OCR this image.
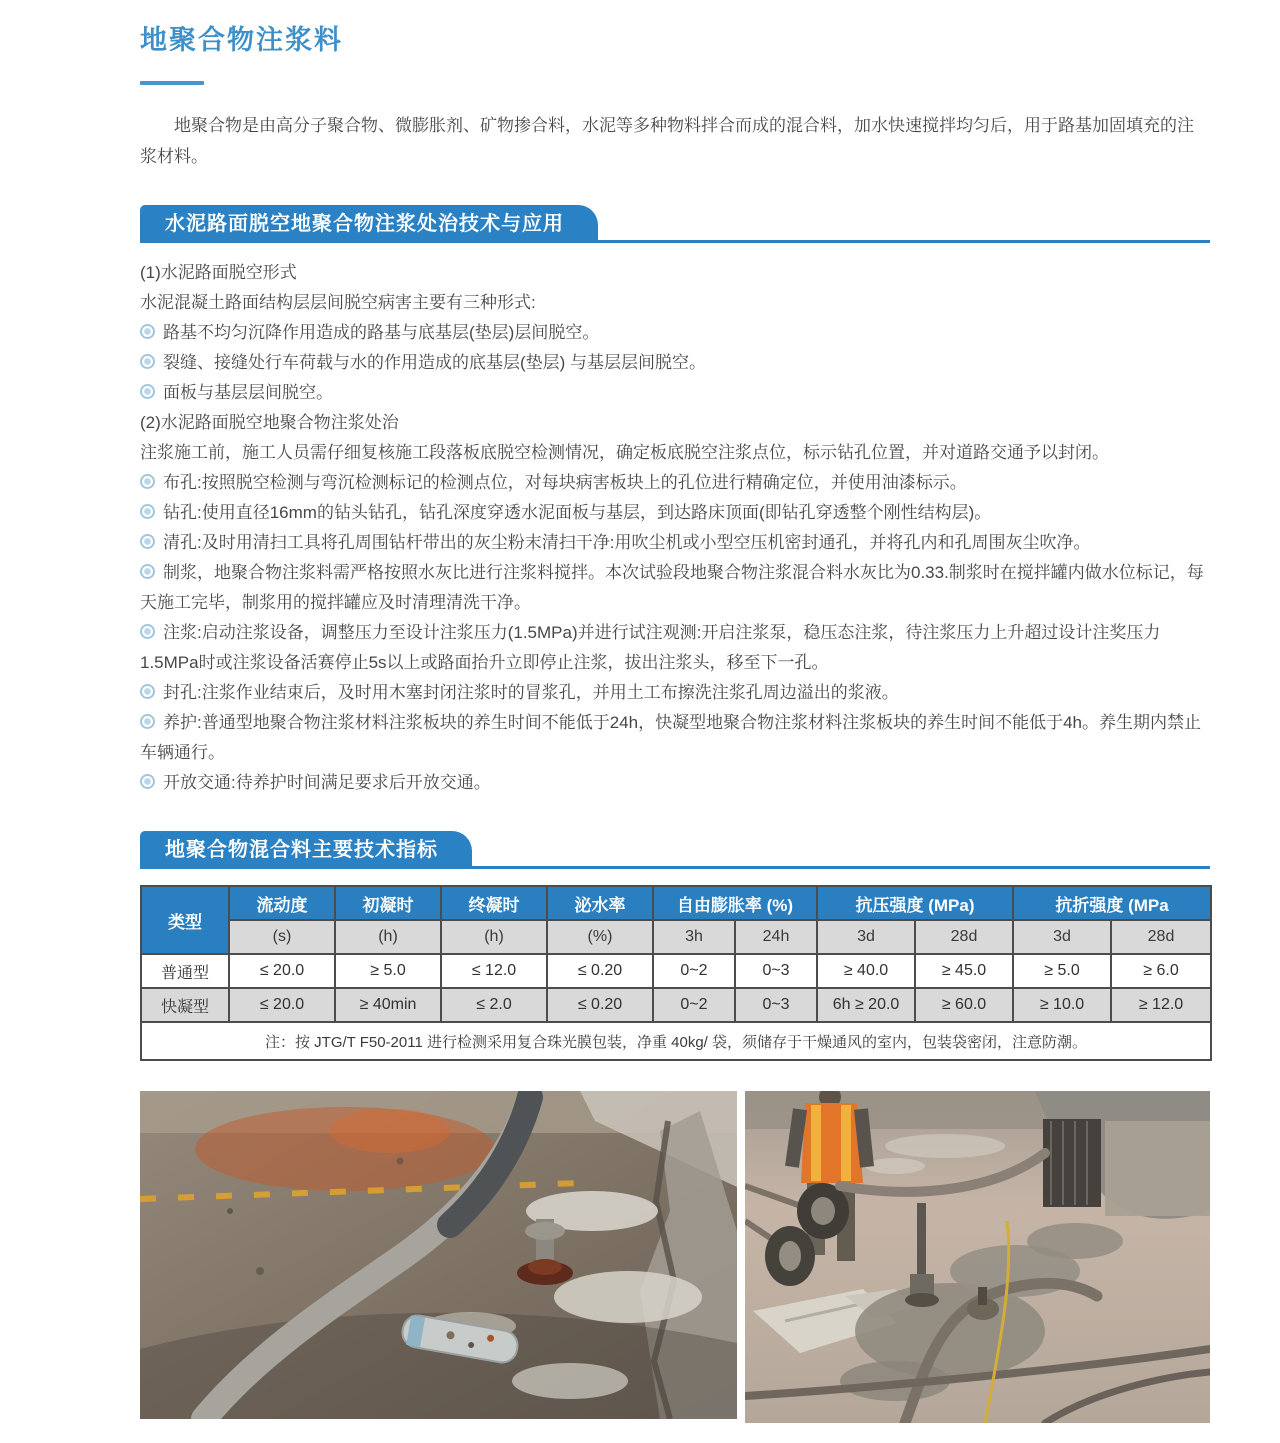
地聚合物注浆料

地聚合物是由高分子聚合物、微膨胀剂、矿物掺合料，水泥等多种物料拌合而成的混合料，加水快速搅拌均匀后，用于路基加固填充的注浆材料。

水泥路面脱空地聚合物注浆处治技术与应用
(1)水泥路面脱空形式
水泥混凝土路面结构层层间脱空病害主要有三种形式:
路基不均匀沉降作用造成的路基与底基层(垫层)层间脱空。
裂缝、接缝处行车荷载与水的作用造成的底基层(垫层) 与基层层间脱空。
面板与基层层间脱空。
(2)水泥路面脱空地聚合物注浆处治
注浆施工前，施工人员需仔细复核施工段落板底脱空检测情况，确定板底脱空注浆点位，标示钻孔位置，并对道路交通予以封闭。
布孔:按照脱空检测与弯沉检测标记的检测点位，对每块病害板块上的孔位进行精确定位，并使用油漆标示。
钻孔:使用直径16mm的钻头钻孔，钻孔深度穿透水泥面板与基层，到达路床顶面(即钻孔穿透整个刚性结构层)。
清孔:及时用清扫工具将孔周围钻杆带出的灰尘粉末清扫干净:用吹尘机或小型空压机密封通孔，并将孔内和孔周围灰尘吹净。
制浆，地聚合物注浆料需严格按照水灰比进行注浆料搅拌。本次试验段地聚合物注浆混合料水灰比为0.33.制浆时在搅拌罐内做水位标记，每天施工完毕，制浆用的搅拌罐应及时清理清洗干净。
注浆:启动注浆设备，调整压力至设计注浆压力(1.5MPa)并进行试注观测:开启注浆泵，稳压态注浆，待注浆压力上升超过设计注奖压力1.5MPa时或注浆设备活赛停止5s以上或路面抬升立即停止注浆，拔出注浆头，移至下一孔。
封孔:注浆作业结束后，及时用木塞封闭注浆时的冒浆孔，并用土工布擦洗注浆孔周边溢出的浆液。
养护:普通型地聚合物注浆材料注浆板块的养生时间不能低于24h，快凝型地聚合物注浆材料注浆板块的养生时间不能低于4h。养生期内禁止车辆通行。
开放交通:待养护时间满足要求后开放交通。
地聚合物混合料主要技术指标
类型	流动度	初凝时	终凝时	泌水率	自由膨胀率 (%)		抗压强度 (MPa)		抗折强度 (MPa	
	(s)	(h)	(h)	(%)	3h	24h	3d	28d	3d	28d
普通型	≤ 20.0	≥ 5.0	≤ 12.0	≤ 0.20	0~2	0~3	≥ 40.0	≥ 45.0	≥ 5.0	≥ 6.0
快凝型	≤ 20.0	≥ 40min	≤ 2.0	≤ 0.20	0~2	0~3	6h ≥ 20.0	≥ 60.0	≥ 10.0	≥ 12.0
注：按 JTG/T F50-2011 进行检测采用复合珠光膜包装，净重 40kg/ 袋，须储存于干燥通风的室内，包装袋密闭，注意防潮。										
